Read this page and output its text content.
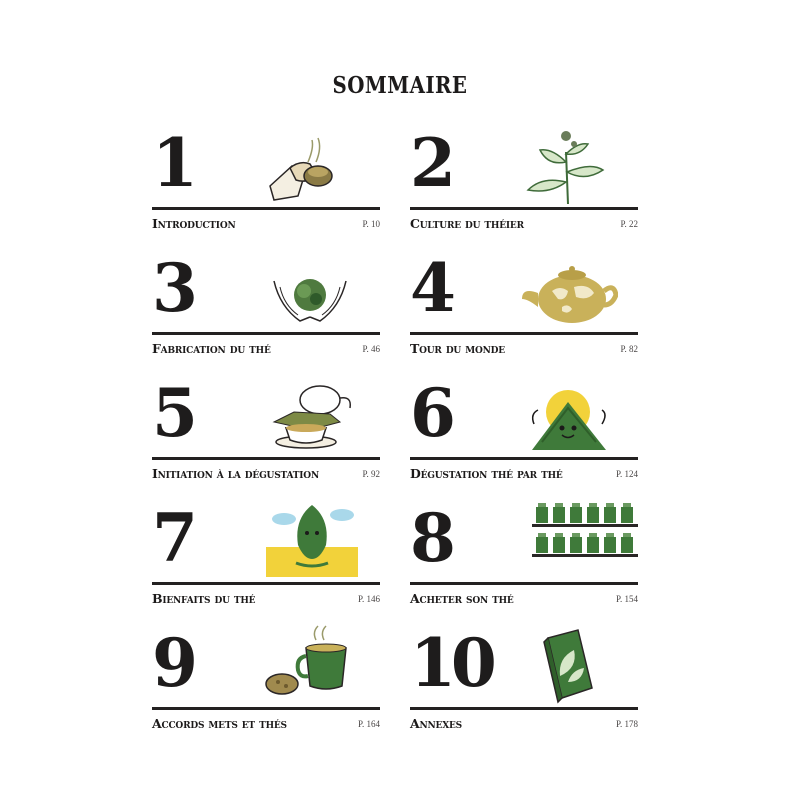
SOMMAIRE
1
Introduction	P. 10
2
Culture du théier	P. 22
3
Fabrication du thé	P. 46
4
Tour du monde	P. 82
5
Initiation à la dégustation	P. 92
6
Dégustation thé par thé	P. 124
7
Bienfaits du thé	P. 146
8
Acheter son thé	P. 154
9
Accords mets et thés	P. 164
10
Annexes	P. 178
